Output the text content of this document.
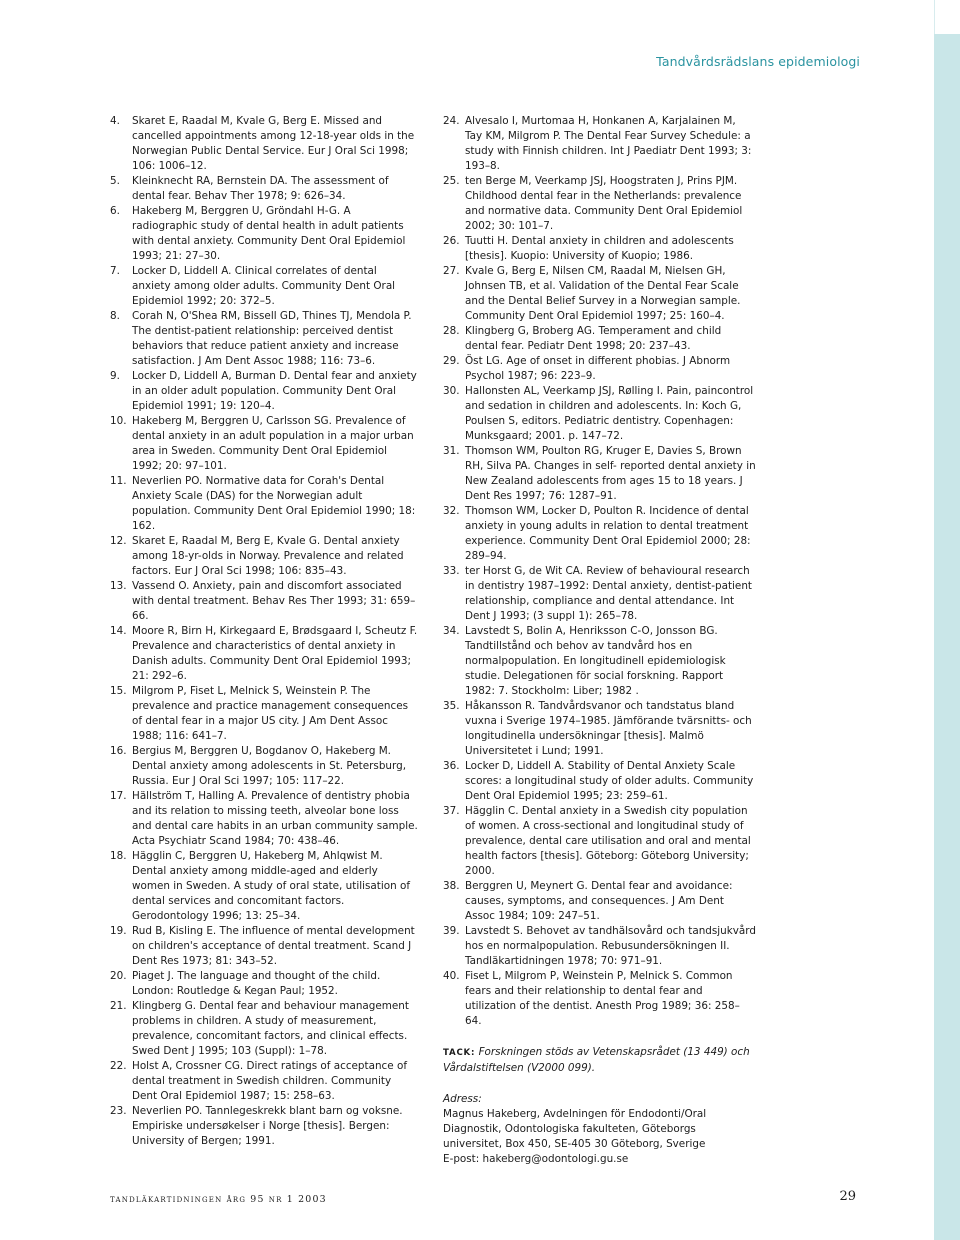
Tandvårdsrädslans epidemiologi
4.	Skaret E, Raadal M, Kvale G, Berg E. Missed and cancelled appointments among 12-18-year olds in the Norwegian Public Dental Service. Eur J Oral Sci 1998; 106: 1006–12.
5.	Kleinknecht RA, Bernstein DA. The assessment of dental fear. Behav Ther 1978; 9: 626–34.
6.	Hakeberg M, Berggren U, Gröndahl H-G. A radiographic study of dental health in adult patients with dental anxiety. Community Dent Oral Epidemiol 1993; 21: 27–30.
7.	Locker D, Liddell A. Clinical correlates of dental anxiety among older adults. Community Dent Oral Epidemiol 1992; 20: 372–5.
8.	Corah N, O'Shea RM, Bissell GD, Thines TJ, Mendola P. The dentist-patient relationship: perceived dentist behaviors that reduce patient anxiety and increase satisfaction. J Am Dent Assoc 1988; 116: 73–6.
9.	Locker D, Liddell A, Burman D. Dental fear and anxiety in an older adult population. Community Dent Oral Epidemiol 1991; 19: 120–4.
10. Hakeberg M, Berggren U, Carlsson SG. Prevalence of dental anxiety in an adult population in a major urban area in Sweden. Community Dent Oral Epidemiol 1992; 20: 97–101.
11. Neverlien PO. Normative data for Corah's Dental Anxiety Scale (DAS) for the Norwegian adult population. Community Dent Oral Epidemiol 1990; 18: 162.
12. Skaret E, Raadal M, Berg E, Kvale G. Dental anxiety among 18-yr-olds in Norway. Prevalence and related factors. Eur J Oral Sci 1998; 106: 835–43.
13. Vassend O. Anxiety, pain and discomfort associated with dental treatment. Behav Res Ther 1993; 31: 659–66.
14. Moore R, Birn H, Kirkegaard E, Brødsgaard I, Scheutz F. Prevalence and characteristics of dental anxiety in Danish adults. Community Dent Oral Epidemiol 1993; 21: 292–6.
15. Milgrom P, Fiset L, Melnick S, Weinstein P. The prevalence and practice management consequences of dental fear in a major US city. J Am Dent Assoc 1988; 116: 641–7.
16. Bergius M, Berggren U, Bogdanov O, Hakeberg M. Dental anxiety among adolescents in St. Petersburg, Russia. Eur J Oral Sci 1997; 105: 117–22.
17. Hällström T, Halling A. Prevalence of dentistry phobia and its relation to missing teeth, alveolar bone loss and dental care habits in an urban community sample. Acta Psychiatr Scand 1984; 70: 438–46.
18. Hägglin C, Berggren U, Hakeberg M, Ahlqwist M. Dental anxiety among middle-aged and elderly women in Sweden. A study of oral state, utilisation of dental services and concomitant factors. Gerodontology 1996; 13: 25–34.
19. Rud B, Kisling E. The influence of mental development on children's acceptance of dental treatment. Scand J Dent Res 1973; 81: 343–52.
20. Piaget J. The language and thought of the child. London: Routledge & Kegan Paul; 1952.
21. Klingberg G. Dental fear and behaviour management problems in children. A study of measurement, prevalence, concomitant factors, and clinical effects. Swed Dent J 1995; 103 (Suppl): 1–78.
22. Holst A, Crossner CG. Direct ratings of acceptance of dental treatment in Swedish children. Community Dent Oral Epidemiol 1987; 15: 258–63.
23. Neverlien PO. Tannlegeskrekk blant barn og voksne. Empiriske undersøkelser i Norge [thesis]. Bergen: University of Bergen; 1991.
24. Alvesalo I, Murtomaa H, Honkanen A, Karjalainen M, Tay KM, Milgrom P. The Dental Fear Survey Schedule: a study with Finnish children. Int J Paediatr Dent 1993; 3: 193–8.
25. ten Berge M, Veerkamp JSJ, Hoogstraten J, Prins PJM. Childhood dental fear in the Netherlands: prevalence and normative data. Community Dent Oral Epidemiol 2002; 30: 101–7.
26. Tuutti H. Dental anxiety in children and adolescents [thesis]. Kuopio: University of Kuopio; 1986.
27. Kvale G, Berg E, Nilsen CM, Raadal M, Nielsen GH, Johnsen TB, et al. Validation of the Dental Fear Scale and the Dental Belief Survey in a Norwegian sample. Community Dent Oral Epidemiol 1997; 25: 160–4.
28. Klingberg G, Broberg AG. Temperament and child dental fear. Pediatr Dent 1998; 20: 237–43.
29. Öst LG. Age of onset in different phobias. J Abnorm Psychol 1987; 96: 223–9.
30. Hallonsten AL, Veerkamp JSJ, Rølling I. Pain, paincontrol and sedation in children and adolescents. In: Koch G, Poulsen S, editors. Pediatric dentistry. Copenhagen: Munksgaard; 2001. p. 147–72.
31. Thomson WM, Poulton RG, Kruger E, Davies S, Brown RH, Silva PA. Changes in self- reported dental anxiety in New Zealand adolescents from ages 15 to 18 years. J Dent Res 1997; 76: 1287–91.
32. Thomson WM, Locker D, Poulton R. Incidence of dental anxiety in young adults in relation to dental treatment experience. Community Dent Oral Epidemiol 2000; 28: 289–94.
33. ter Horst G, de Wit CA. Review of behavioural research in dentistry 1987–1992: Dental anxiety, dentist-patient relationship, compliance and dental attendance. Int Dent J 1993; (3 suppl 1): 265–78.
34. Lavstedt S, Bolin A, Henriksson C-O, Jonsson BG. Tandtillstånd och behov av tandvård hos en normalpopulation. En longitudinell epidemiologisk studie. Delegationen för social forskning. Rapport 1982: 7. Stockholm: Liber; 1982 .
35. Håkansson R. Tandvårdsvanor och tandstatus bland vuxna i Sverige 1974–1985. Jämförande tvärsnitts- och longitudinella undersökningar [thesis]. Malmö Universitetet i Lund; 1991.
36. Locker D, Liddell A. Stability of Dental Anxiety Scale scores: a longitudinal study of older adults. Community Dent Oral Epidemiol 1995; 23: 259–61.
37. Hägglin C. Dental anxiety in a Swedish city population of women. A cross-sectional and longitudinal study of prevalence, dental care utilisation and oral and mental health factors [thesis]. Göteborg: Göteborg University; 2000.
38. Berggren U, Meynert G. Dental fear and avoidance: causes, symptoms, and consequences. J Am Dent Assoc 1984; 109: 247–51.
39. Lavstedt S. Behovet av tandhälsovård och tandsjukvård hos en normalpopulation. Rebusundersökningen II. Tandläkartidningen 1978; 70: 971–91.
40. Fiset L, Milgrom P, Weinstein P, Melnick S. Common fears and their relationship to dental fear and utilization of the dentist. Anesth Prog 1989; 36: 258–64.
TACK: Forskningen stöds av Vetenskapsrådet (13 449) och Vårdalstiftelsen (V2000 099).
Adress:
Magnus Hakeberg, Avdelningen för Endodonti/Oral
Diagnostik, Odontologiska fakulteten, Göteborgs
universitet, Box 450, SE-405 30 Göteborg, Sverige
E-post: hakeberg@odontologi.gu.se
tandläkartidningen årg 95 nr 1 2003	29
